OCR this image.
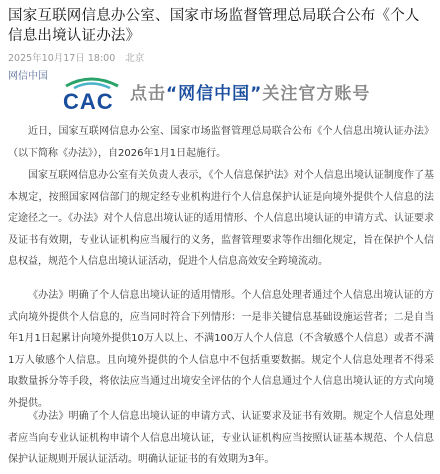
国家互联网信息办公室、国家市场监督管理总局联合公布《个人信息出境认证办法》
2025年10月17日 18:00 北京
网信中国
CAC 点击“网信中国”关注官方账号

近日，国家互联网信息办公室、国家市场监督管理总局联合公布《个人信息出境认证办法》（以下简称《办法》），自2026年1月1日起施行。

国家互联网信息办公室有关负责人表示，《个人信息保护法》对个人信息出境认证制度作了基本规定，按照国家网信部门的规定经专业机构进行个人信息保护认证是向境外提供个人信息的法定途径之一。《办法》对个人信息出境认证的适用情形、个人信息出境认证的申请方式、认证要求及证书有效期，专业认证机构应当履行的义务，监督管理要求等作出细化规定，旨在保护个人信息权益，规范个人信息出境认证活动，促进个人信息高效安全跨境流动。

《办法》明确了个人信息出境认证的适用情形。个人信息处理者通过个人信息出境认证的方式向境外提供个人信息的，应当同时符合下列情形：一是非关键信息基础设施运营者；二是自当年1月1日起累计向境外提供10万人以上、不满100万人个人信息（不含敏感个人信息）或者不满1万人敏感个人信息。且向境外提供的个人信息中不包括重要数据。规定个人信息处理者不得采取数量拆分等手段，将依法应当通过出境安全评估的个人信息通过个人信息出境认证的方式向境外提供。

《办法》明确了个人信息出境认证的申请方式、认证要求及证书有效期。规定个人信息处理者应当向专业认证机构申请个人信息出境认证，专业认证机构应当按照认证基本规范、个人信息保护认证规则开展认证活动。明确认证证书的有效期为3年。
